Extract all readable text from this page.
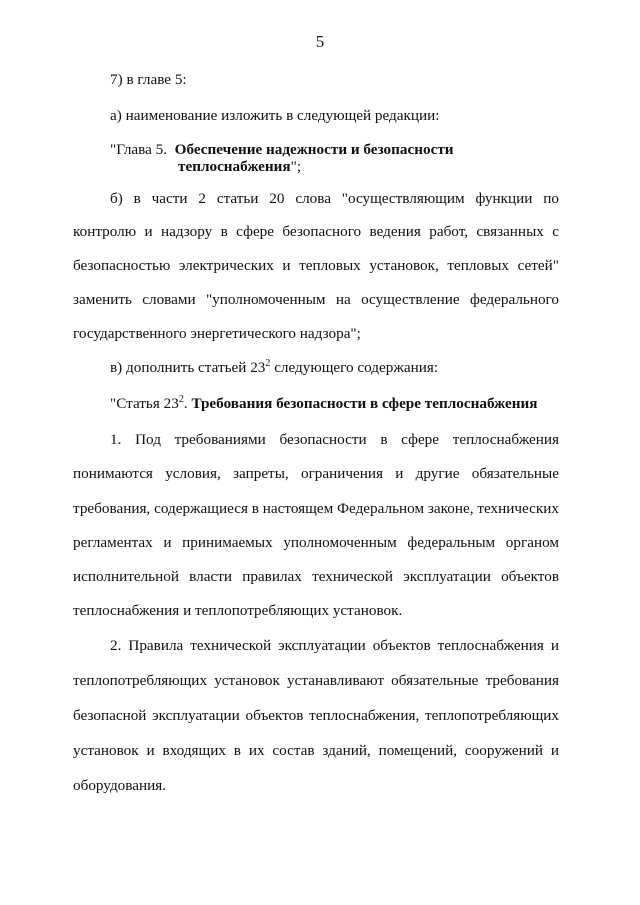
5
7) в главе 5:
а) наименование изложить в следующей редакции:
"Глава 5. Обеспечение надежности и безопасности
теплоснабжения";
б) в части 2 статьи 20 слова "осуществляющим функции по
контролю и надзору в сфере безопасного ведения работ, связанных с
безопасностью электрических и тепловых установок, тепловых сетей"
заменить словами "уполномоченным на осуществление федерального
государственного энергетического надзора";
в) дополнить статьей $23^2$ следующего содержания:
"Статья $23^2$. Требования безопасности в сфере теплоснабжения
1. Под требованиями безопасности в сфере теплоснабжения
понимаются условия, запреты, ограничения и другие обязательные
требования, содержащиеся в настоящем Федеральном законе, технических
регламентах и принимаемых уполномоченным федеральным органом
исполнительной власти правилах технической эксплуатации объектов
теплоснабжения и теплопотребляющих установок.
2. Правила технической эксплуатации объектов теплоснабжения и
теплопотребляющих установок устанавливают обязательные требования
безопасной эксплуатации объектов теплоснабжения, теплопотребляющих
установок и входящих в их состав зданий, помещений, сооружений и
оборудования.
